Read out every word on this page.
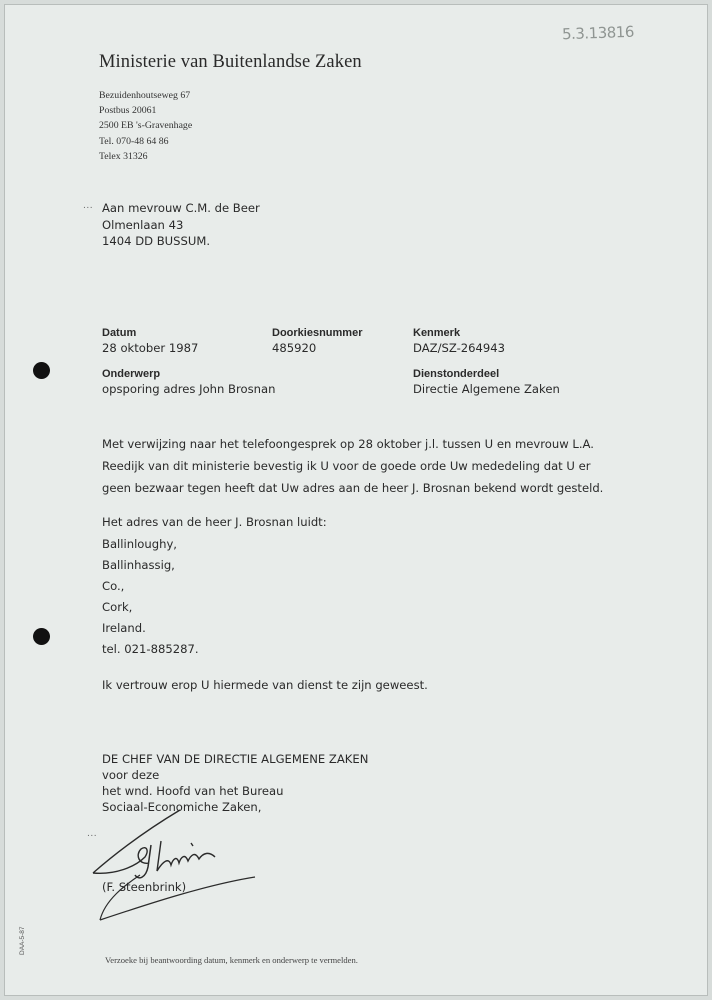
5.3.13816
Ministerie van Buitenlandse Zaken
Bezuidenhoutseweg 67
Postbus 20061
2500 EB 's-Gravenhage
Tel. 070-48 64 86
Telex 31326
... Aan mevrouw C.M. de Beer
Olmenlaan 43
1404 DD BUSSUM.
Datum
28 oktober 1987
Doorkiesnummer
485920
Kenmerk
DAZ/SZ-264943
Onderwerp
opsporing adres John Brosnan
Dienstonderdeel
Directie Algemene Zaken
Met verwijzing naar het telefoongesprek op 28 oktober j.l. tussen U en mevrouw L.A.
Reedijk van dit ministerie bevestig ik U voor de goede orde Uw mededeling dat U er
geen bezwaar tegen heeft dat Uw adres aan de heer J. Brosnan bekend wordt gesteld.
Het adres van de heer J. Brosnan luidt:
Ballinloughy,
Ballinhassig,
Co.,
Cork,
Ireland.
tel. 021-885287.
Ik vertrouw erop U hiermede van dienst te zijn geweest.
DE CHEF VAN DE DIRECTIE ALGEMENE ZAKEN
voor deze
het wnd. Hoofd van het Bureau
Sociaal-Economiche Zaken,
...
(F. Steenbrink)
DAA-5-87
Verzoeke bij beantwoording datum, kenmerk en onderwerp te vermelden.
